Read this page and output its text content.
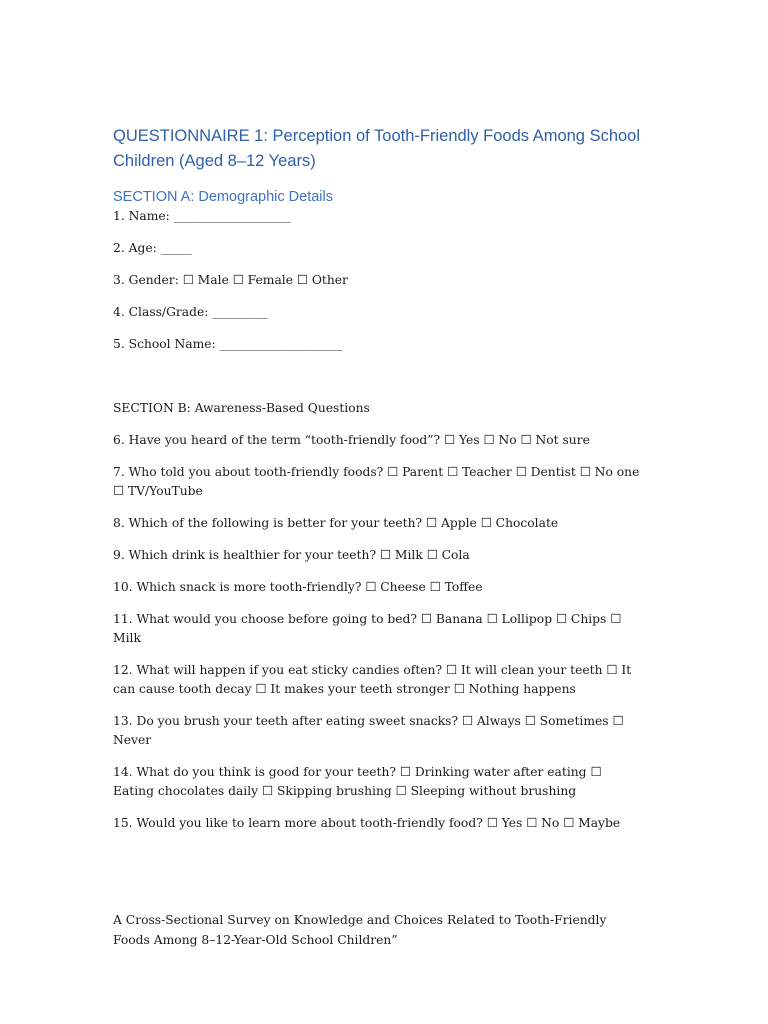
QUESTIONNAIRE 1: Perception of Tooth-Friendly Foods Among School Children (Aged 8–12 Years)
SECTION A: Demographic Details

1. Name: ___________________

2. Age: _____

3. Gender: ☐ Male ☐ Female ☐ Other

4. Class/Grade: _________

5. School Name: ____________________

SECTION B: Awareness-Based Questions

6. Have you heard of the term “tooth-friendly food”? ☐ Yes ☐ No ☐ Not sure

7. Who told you about tooth-friendly foods? ☐ Parent ☐ Teacher ☐ Dentist ☐ No one ☐ TV/YouTube

8. Which of the following is better for your teeth? ☐ Apple ☐ Chocolate

9. Which drink is healthier for your teeth? ☐ Milk ☐ Cola

10. Which snack is more tooth-friendly? ☐ Cheese ☐ Toffee

11. What would you choose before going to bed? ☐ Banana ☐ Lollipop ☐ Chips ☐ Milk

12. What will happen if you eat sticky candies often? ☐ It will clean your teeth ☐ It can cause tooth decay ☐ It makes your teeth stronger ☐ Nothing happens

13. Do you brush your teeth after eating sweet snacks? ☐ Always ☐ Sometimes ☐ Never

14. What do you think is good for your teeth? ☐ Drinking water after eating ☐ Eating chocolates daily ☐ Skipping brushing ☐ Sleeping without brushing

15. Would you like to learn more about tooth-friendly food? ☐ Yes ☐ No ☐ Maybe

A Cross-Sectional Survey on Knowledge and Choices Related to Tooth-Friendly Foods Among 8–12-Year-Old School Children”
